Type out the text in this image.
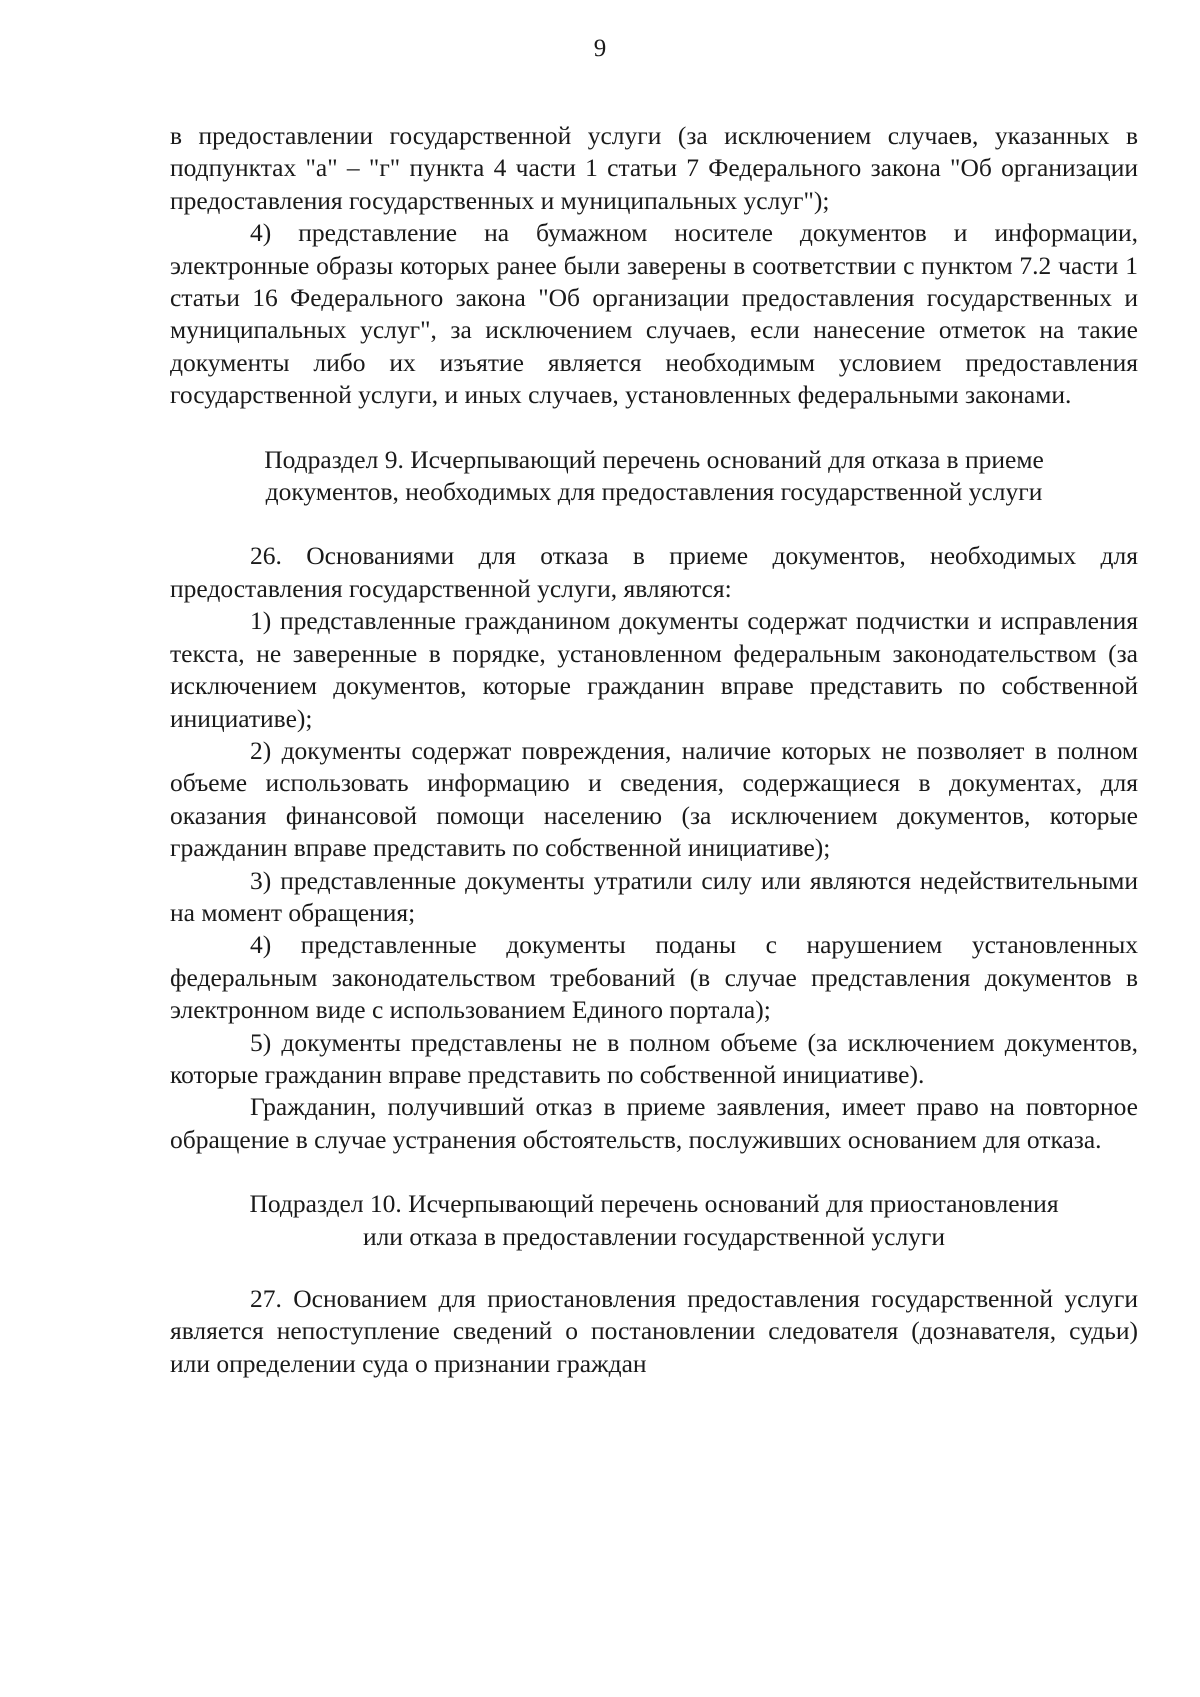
9

в предоставлении государственной услуги (за исключением случаев, указанных в подпунктах "а" – "г" пункта 4 части 1 статьи 7 Федерального закона "Об организации предоставления государственных и муниципальных услуг");

4) представление на бумажном носителе документов и информации, электронные образы которых ранее были заверены в соответствии с пунктом 7.2 части 1 статьи 16 Федерального закона "Об организации предоставления государственных и муниципальных услуг", за исключением случаев, если нанесение отметок на такие документы либо их изъятие является необходимым условием предоставления государственной услуги, и иных случаев, установленных федеральными законами.

Подраздел 9. Исчерпывающий перечень оснований для отказа в приеме
документов, необходимых для предоставления государственной услуги

26. Основаниями для отказа в приеме документов, необходимых для предоставления государственной услуги, являются:

1) представленные гражданином документы содержат подчистки и исправления текста, не заверенные в порядке, установленном федеральным законодательством (за исключением документов, которые гражданин вправе представить по собственной инициативе);

2) документы содержат повреждения, наличие которых не позволяет в полном объеме использовать информацию и сведения, содержащиеся в документах, для оказания финансовой помощи населению (за исключением документов, которые гражданин вправе представить по собственной инициативе);

3) представленные документы утратили силу или являются недействительными на момент обращения;

4) представленные документы поданы с нарушением установленных федеральным законодательством требований (в случае представления документов в электронном виде с использованием Единого портала);

5) документы представлены не в полном объеме (за исключением документов, которые гражданин вправе представить по собственной инициативе).

Гражданин, получивший отказ в приеме заявления, имеет право на повторное обращение в случае устранения обстоятельств, послуживших основанием для отказа.

Подраздел 10. Исчерпывающий перечень оснований для приостановления
или отказа в предоставлении государственной услуги

27. Основанием для приостановления предоставления государственной услуги является непоступление сведений о постановлении следователя (дознавателя, судьи) или определении суда о признании граждан
